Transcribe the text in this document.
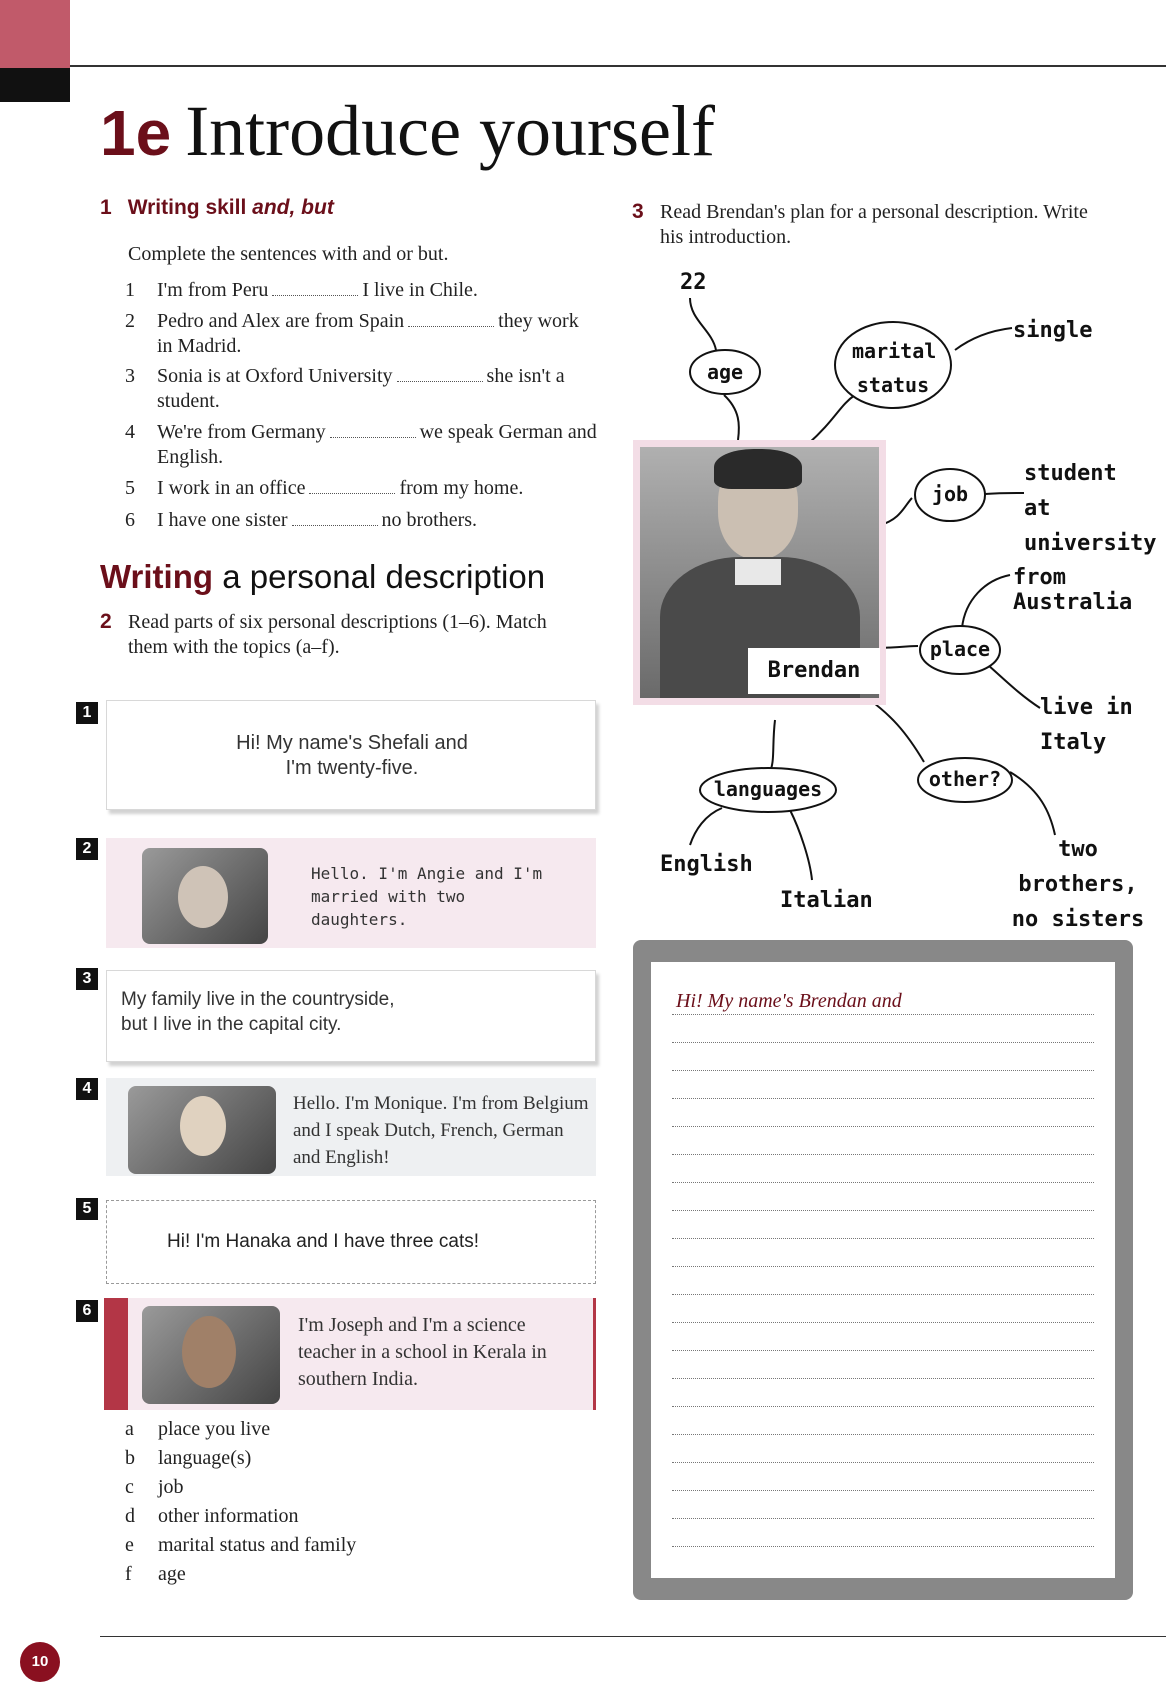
1e Introduce yourself
1 Writing skill and, but
Complete the sentences with and or but.
1	I'm from Peru	I live in Chile.
2	Pedro and Alex are from Spain	they work in Madrid.
3	Sonia is at Oxford University	she isn't a student.
4	We're from Germany	we speak German and English.
5	I work in an office	from my home.
6	I have one sister	no brothers.
Writing a personal description
2 Read parts of six personal descriptions (1–6). Match them with the topics (a–f).
1
Hi! My name's Shefali and I'm twenty-five.
2
Hello. I'm Angie and I'm married with two daughters.
3
My family live in the countryside, but I live in the capital city.
4
Hello. I'm Monique. I'm from Belgium and I speak Dutch, French, German and English!
5
Hi! I'm Hanaka and I have three cats!
6
I'm Joseph and I'm a science teacher in a school in Kerala in southern India.
a place you live
b language(s)
c job
d other information
e marital status and family
f age
3 Read Brendan's plan for a personal description. Write his introduction.
Brendan
22
age
marital status
single
job
student at university
place
from Australia
live in Italy
languages
English
Italian
other?
two brothers, no sisters
Hi! My name's Brendan and
10
